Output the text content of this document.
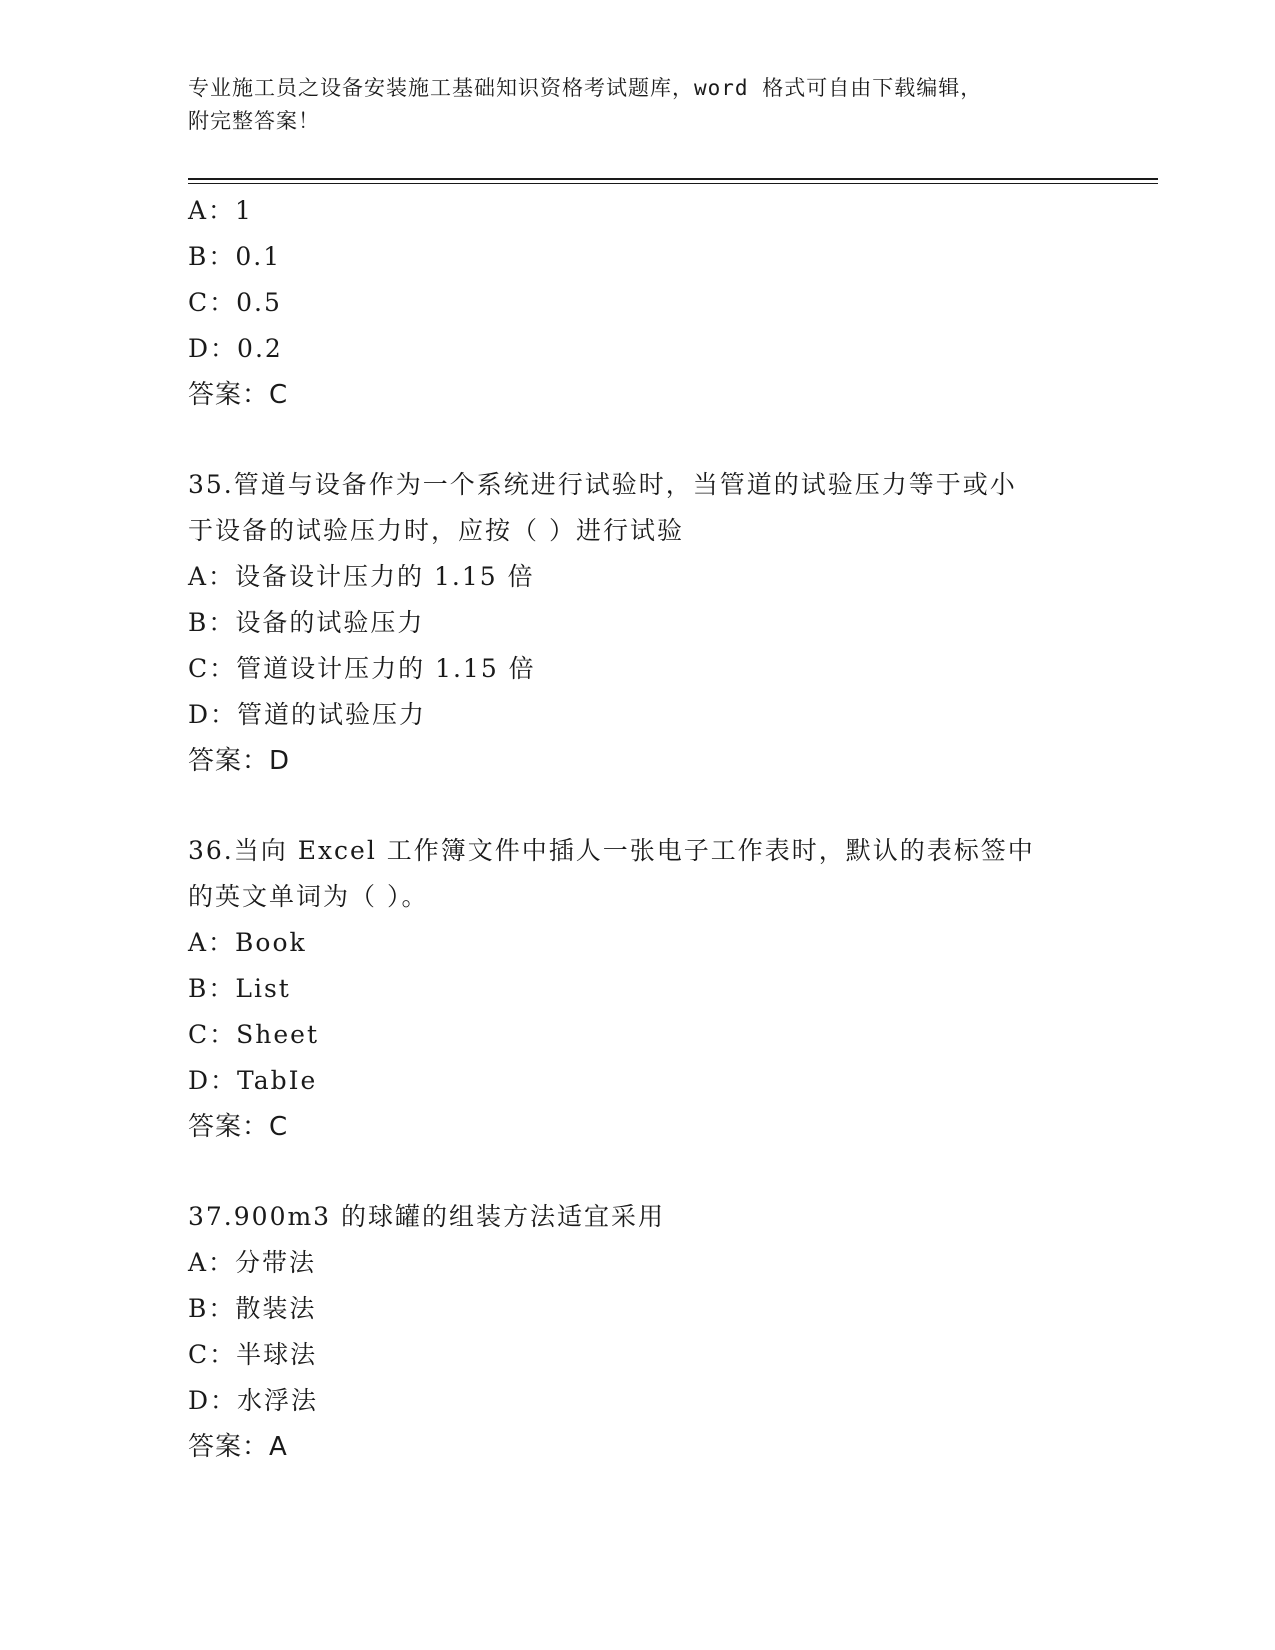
专业施工员之设备安装施工基础知识资格考试题库，word 格式可自由下载编辑，
附完整答案！
A：1
B：0.1
C：0.5
D：0.2
答案：C
35.管道与设备作为一个系统进行试验时，当管道的试验压力等于或小
于设备的试验压力时，应按（ ）进行试验
A：设备设计压力的 1.15 倍
B：设备的试验压力
C：管道设计压力的 1.15 倍
D：管道的试验压力
答案：D
36.当向 Excel 工作簿文件中插人一张电子工作表时，默认的表标签中
的英文单词为（ ）。
A：Book
B：List
C：Sheet
D：TabIe
答案：C
37.900m3 的球罐的组装方法适宜采用
A：分带法
B：散装法
C：半球法
D：水浮法
答案：A
